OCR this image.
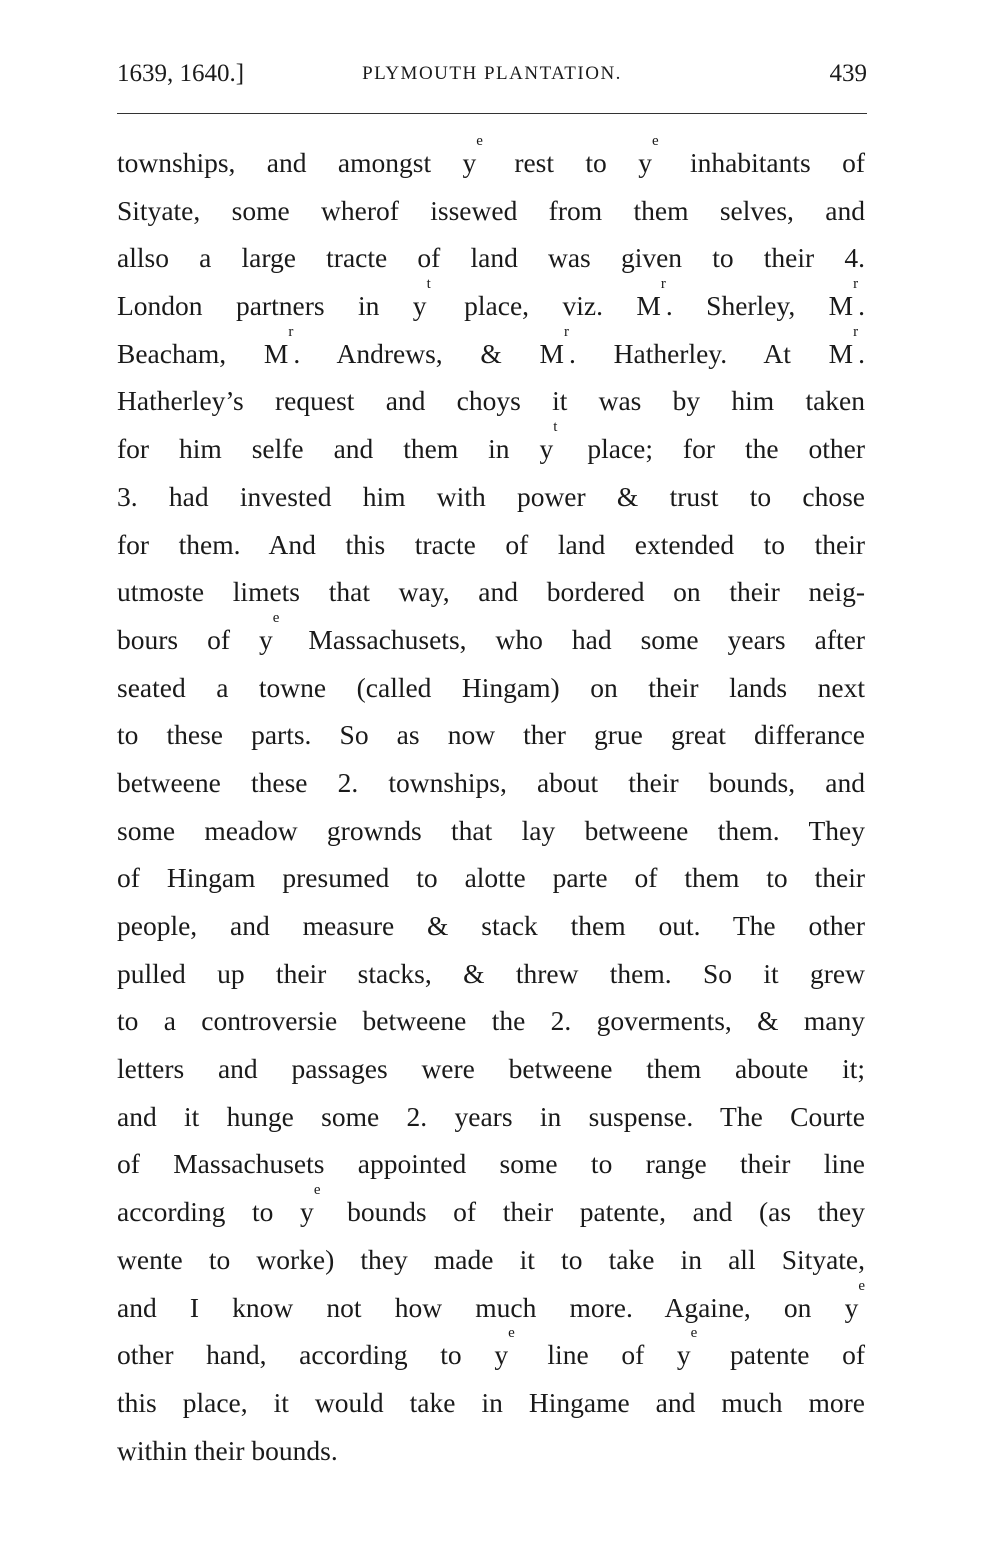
1639, 1640.]	PLYMOUTH PLANTATION.	439
townships, and amongst $y^e$ rest to $y^e$ inhabitants of
Sityate, some wherof issewed from them selves, and
allso a large tracte of land was given to their 4.
London partners in $y^t$ place, viz. $M^r$. Sherley, $M^r$.
Beacham, $M^r$. Andrews, & $M^r$. Hatherley. At $M^r$.
Hatherley’s request and choys it was by him taken
for him selfe and them in $y^t$ place; for the other
3. had invested him with power & trust to chose
for them. And this tracte of land extended to their
utmoste limets that way, and bordered on their neig-
bours of $y^e$ Massachusets, who had some years after
seated a towne (called Hingam) on their lands next
to these parts. So as now ther grue great differance
betweene these 2. townships, about their bounds, and
some meadow grownds that lay betweene them. They
of Hingam presumed to alotte parte of them to their
people, and measure & stack them out. The other
pulled up their stacks, & threw them. So it grew
to a controversie betweene the 2. goverments, & many
letters and passages were betweene them aboute it;
and it hunge some 2. years in suspense. The Courte
of Massachusets appointed some to range their line
according to $y^e$ bounds of their patente, and (as they
wente to worke) they made it to take in all Sityate,
and I know not how much more. Againe, on $y^e$
other hand, according to $y^e$ line of $y^e$ patente of
this place, it would take in Hingame and much more
within their bounds.
